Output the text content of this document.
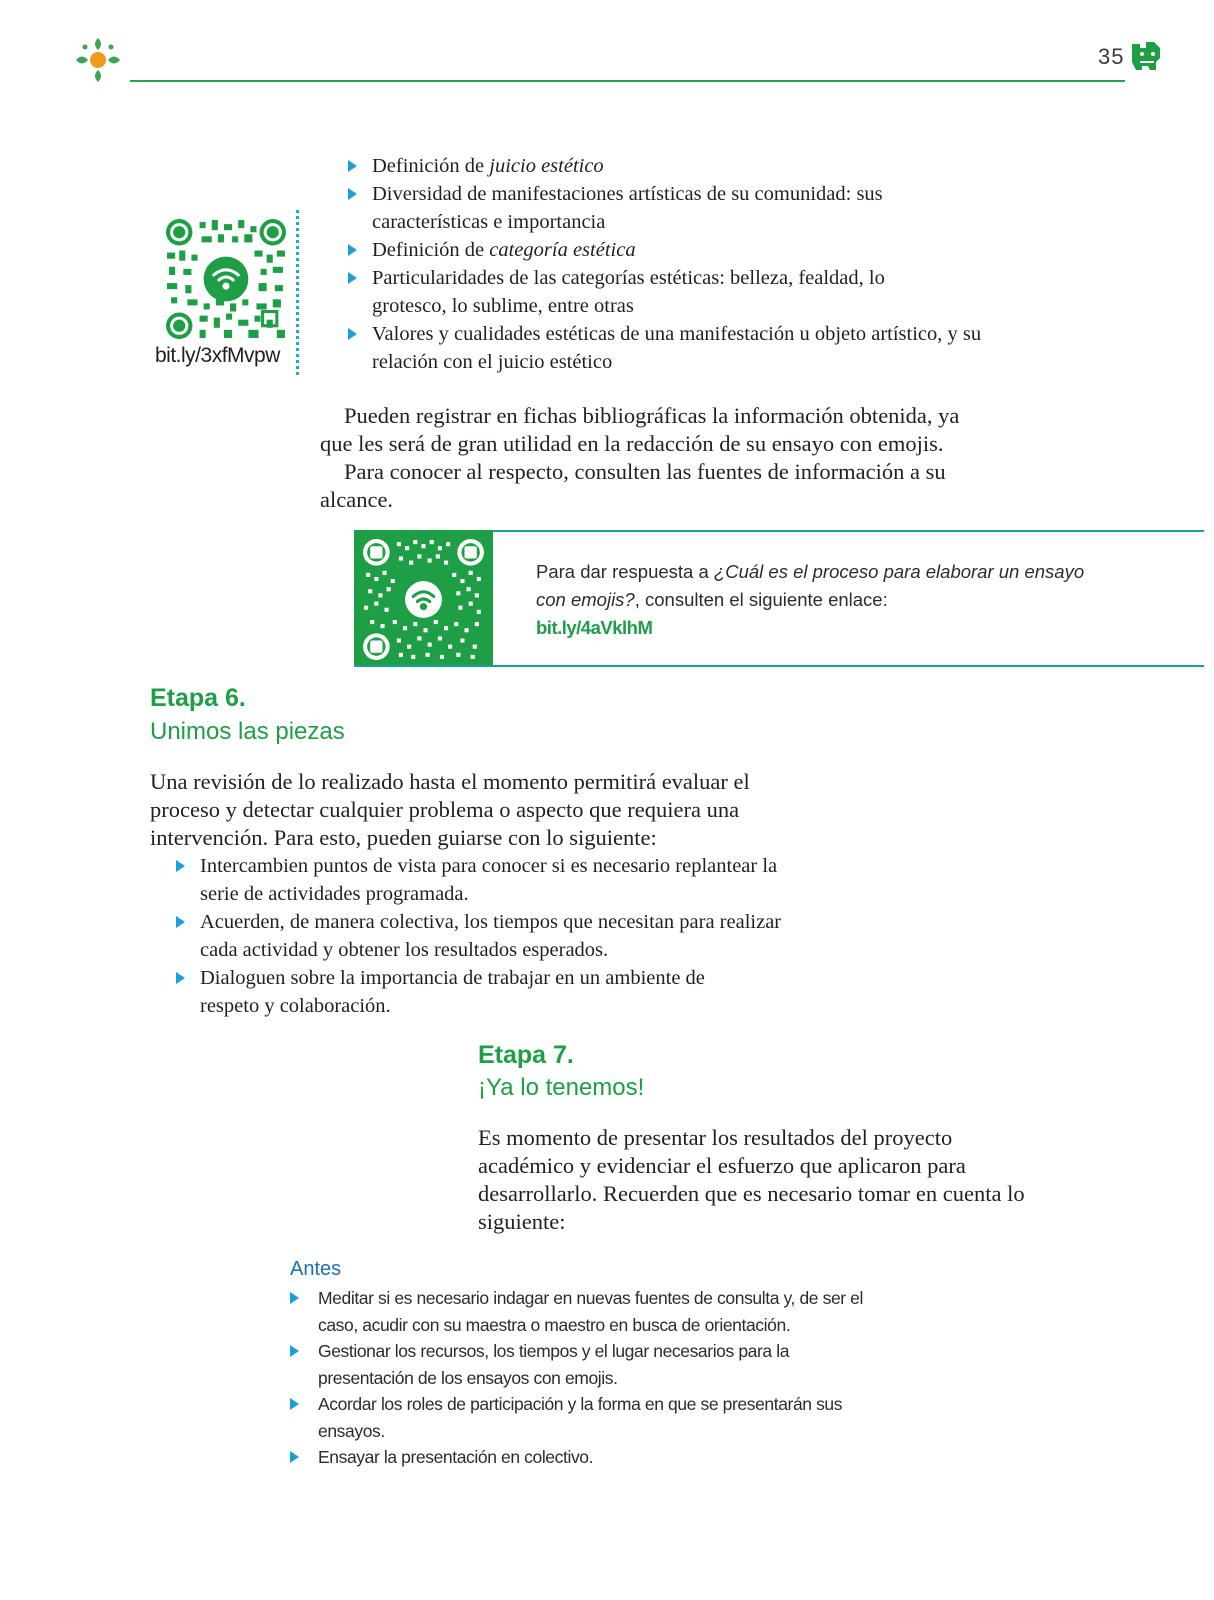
35
bit.ly/3xfMvpw
Definición de juicio estético
Diversidad de manifestaciones artísticas de su comunidad: sus características e importancia
Definición de categoría estética
Particularidades de las categorías estéticas: belleza, fealdad, lo grotesco, lo sublime, entre otras
Valores y cualidades estéticas de una manifestación u objeto artístico, y su relación con el juicio estético
Pueden registrar en fichas bibliográficas la información obtenida, ya que les será de gran utilidad en la redacción de su ensayo con emojis.
Para conocer al respecto, consulten las fuentes de información a su alcance.
Para dar respuesta a ¿Cuál es el proceso para elaborar un ensayo con emojis?, consulten el siguiente enlace:
bit.ly/4aVklhM
Etapa 6.
Unimos las piezas
Una revisión de lo realizado hasta el momento permitirá evaluar el proceso y detectar cualquier problema o aspecto que requiera una intervención. Para esto, pueden guiarse con lo siguiente:
Intercambien puntos de vista para conocer si es necesario replantear la serie de actividades programada.
Acuerden, de manera colectiva, los tiempos que necesitan para realizar cada actividad y obtener los resultados esperados.
Dialoguen sobre la importancia de trabajar en un ambiente de respeto y colaboración.
Etapa 7.
¡Ya lo tenemos!
Es momento de presentar los resultados del proyecto académico y evidenciar el esfuerzo que aplicaron para desarrollarlo. Recuerden que es necesario tomar en cuenta lo siguiente:
Antes
Meditar si es necesario indagar en nuevas fuentes de consulta y, de ser el caso, acudir con su maestra o maestro en busca de orientación.
Gestionar los recursos, los tiempos y el lugar necesarios para la presentación de los ensayos con emojis.
Acordar los roles de participación y la forma en que se presentarán sus ensayos.
Ensayar la presentación en colectivo.
